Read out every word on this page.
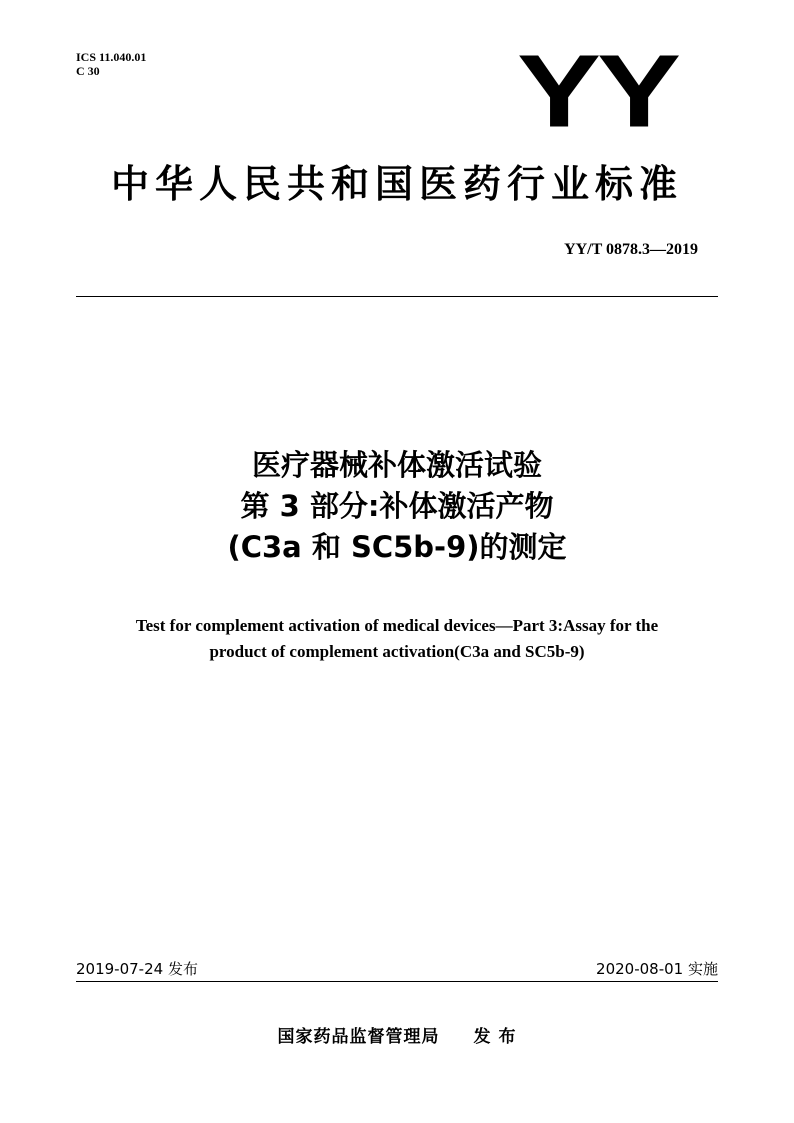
ICS 11.040.01
C 30	YY
中华人民共和国医药行业标准
YY/T 0878.3—2019
医疗器械补体激活试验
第 3 部分:补体激活产物
(C3a 和 SC5b-9)的测定
Test for complement activation of medical devices—Part 3:Assay for the
product of complement activation(C3a and SC5b-9)
2019-07-24 发布	2020-08-01 实施
国家药品监督管理局 发 布
